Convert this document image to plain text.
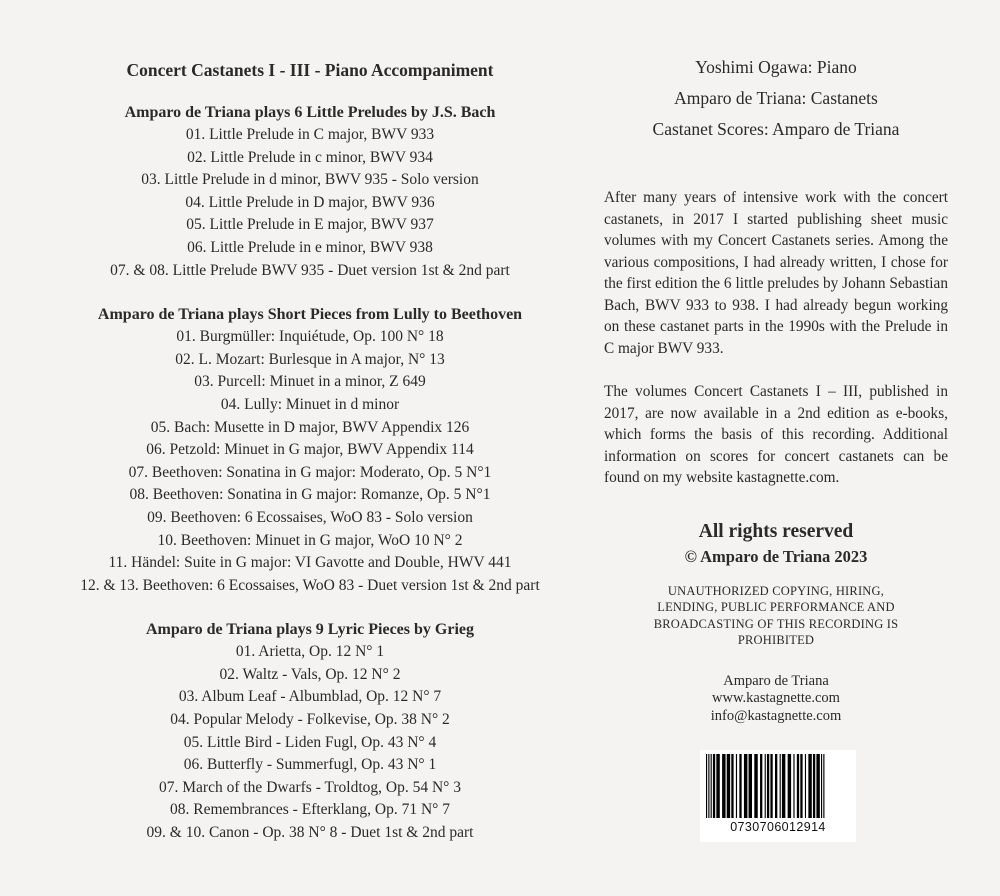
Concert Castanets I - III - Piano Accompaniment
Amparo de Triana plays 6 Little Preludes by J.S. Bach
01. Little Prelude in C major, BWV 933
02. Little Prelude in c minor, BWV 934
03. Little Prelude in d minor, BWV 935 - Solo version
04. Little Prelude in D major, BWV 936
05. Little Prelude in E major, BWV 937
06. Little Prelude in e minor, BWV 938
07. & 08. Little Prelude BWV 935 - Duet version 1st & 2nd part
Amparo de Triana plays Short Pieces from Lully to Beethoven
01. Burgmüller: Inquiétude, Op. 100 N° 18
02. L. Mozart: Burlesque in A major, N° 13
03. Purcell: Minuet in a minor, Z 649
04. Lully: Minuet in d minor
05. Bach: Musette in D major, BWV Appendix 126
06. Petzold: Minuet in G major, BWV Appendix 114
07. Beethoven: Sonatina in G major: Moderato, Op. 5 N°1
08. Beethoven: Sonatina in G major: Romanze, Op. 5 N°1
09. Beethoven: 6 Ecossaises, WoO 83 - Solo version
10. Beethoven: Minuet in G major, WoO 10 N° 2
11. Händel: Suite in G major: VI Gavotte and Double, HWV 441
12. & 13. Beethoven: 6 Ecossaises, WoO 83 - Duet version 1st & 2nd part
Amparo de Triana plays 9 Lyric Pieces by Grieg
01. Arietta, Op. 12 N° 1
02. Waltz - Vals, Op. 12 N° 2
03. Album Leaf - Albumblad, Op. 12 N° 7
04. Popular Melody - Folkevise, Op. 38 N° 2
05. Little Bird - Liden Fugl, Op. 43 N° 4
06. Butterfly - Summerfugl, Op. 43 N° 1
07. March of the Dwarfs - Troldtog, Op. 54 N° 3
08. Remembrances - Efterklang, Op. 71 N° 7
09. & 10. Canon - Op. 38 N° 8 - Duet 1st & 2nd part
Yoshimi Ogawa: Piano
Amparo de Triana: Castanets
Castanet Scores: Amparo de Triana

After many years of intensive work with the concert castanets, in 2017 I started publishing sheet music volumes with my Concert Castanets series. Among the various compositions, I had already written, I chose for the first edition the 6 little preludes by Johann Sebastian Bach, BWV 933 to 938. I had already begun working on these castanet parts in the 1990s with the Prelude in C major BWV 933.

The volumes Concert Castanets I – III, published in 2017, are now available in a 2nd edition as e-books, which forms the basis of this recording. Additional information on scores for concert castanets can be found on my website kastagnette.com.

All rights reserved
© Amparo de Triana 2023
UNAUTHORIZED COPYING, HIRING,
LENDING, PUBLIC PERFORMANCE AND
BROADCASTING OF THIS RECORDING IS
PROHIBITED
Amparo de Triana
www.kastagnette.com
info@kastagnette.com
0730706012914
